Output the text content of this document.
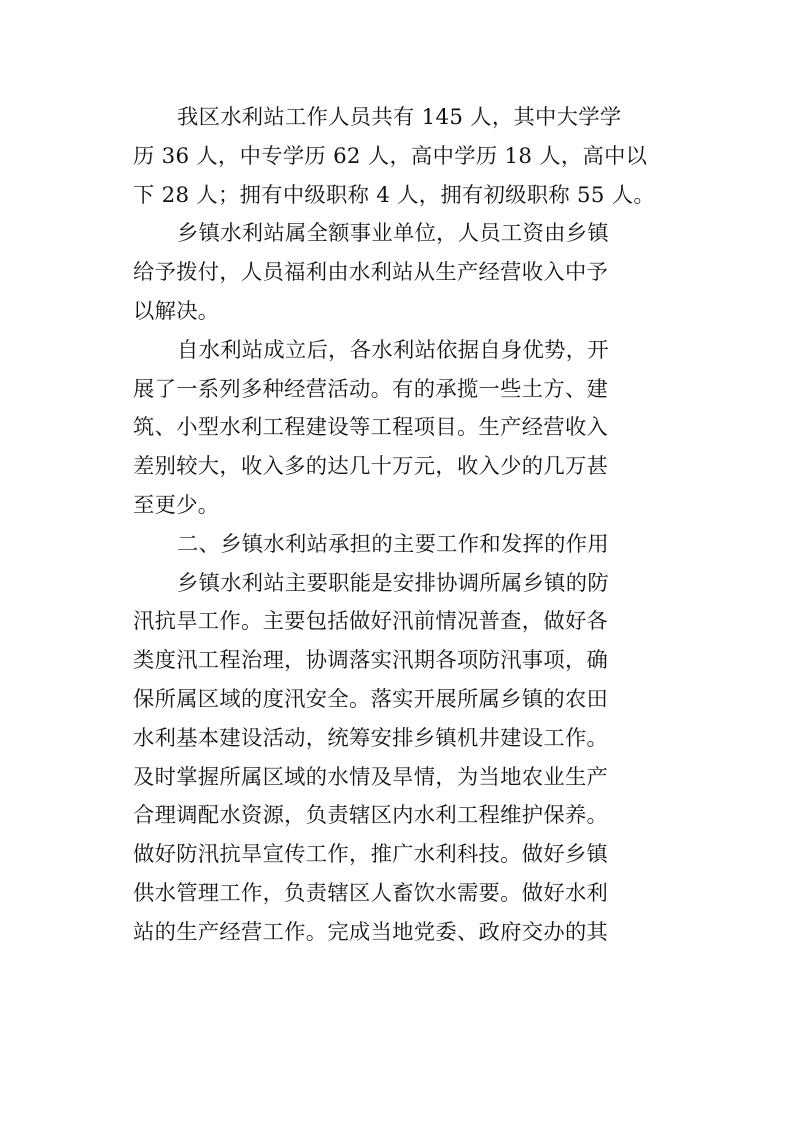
我区水利站工作人员共有 145 人，其中大学学
历 36 人，中专学历 62 人，高中学历 18 人，高中以
下 28 人；拥有中级职称 4 人，拥有初级职称 55 人。
乡镇水利站属全额事业单位，人员工资由乡镇
给予拨付，人员福利由水利站从生产经营收入中予
以解决。
自水利站成立后，各水利站依据自身优势，开
展了一系列多种经营活动。有的承揽一些土方、建
筑、小型水利工程建设等工程项目。生产经营收入
差别较大，收入多的达几十万元，收入少的几万甚
至更少。
二、乡镇水利站承担的主要工作和发挥的作用
乡镇水利站主要职能是安排协调所属乡镇的防
汛抗旱工作。主要包括做好汛前情况普查，做好各
类度汛工程治理，协调落实汛期各项防汛事项，确
保所属区域的度汛安全。落实开展所属乡镇的农田
水利基本建设活动，统筹安排乡镇机井建设工作。
及时掌握所属区域的水情及旱情，为当地农业生产
合理调配水资源，负责辖区内水利工程维护保养。
做好防汛抗旱宣传工作，推广水利科技。做好乡镇
供水管理工作，负责辖区人畜饮水需要。做好水利
站的生产经营工作。完成当地党委、政府交办的其
